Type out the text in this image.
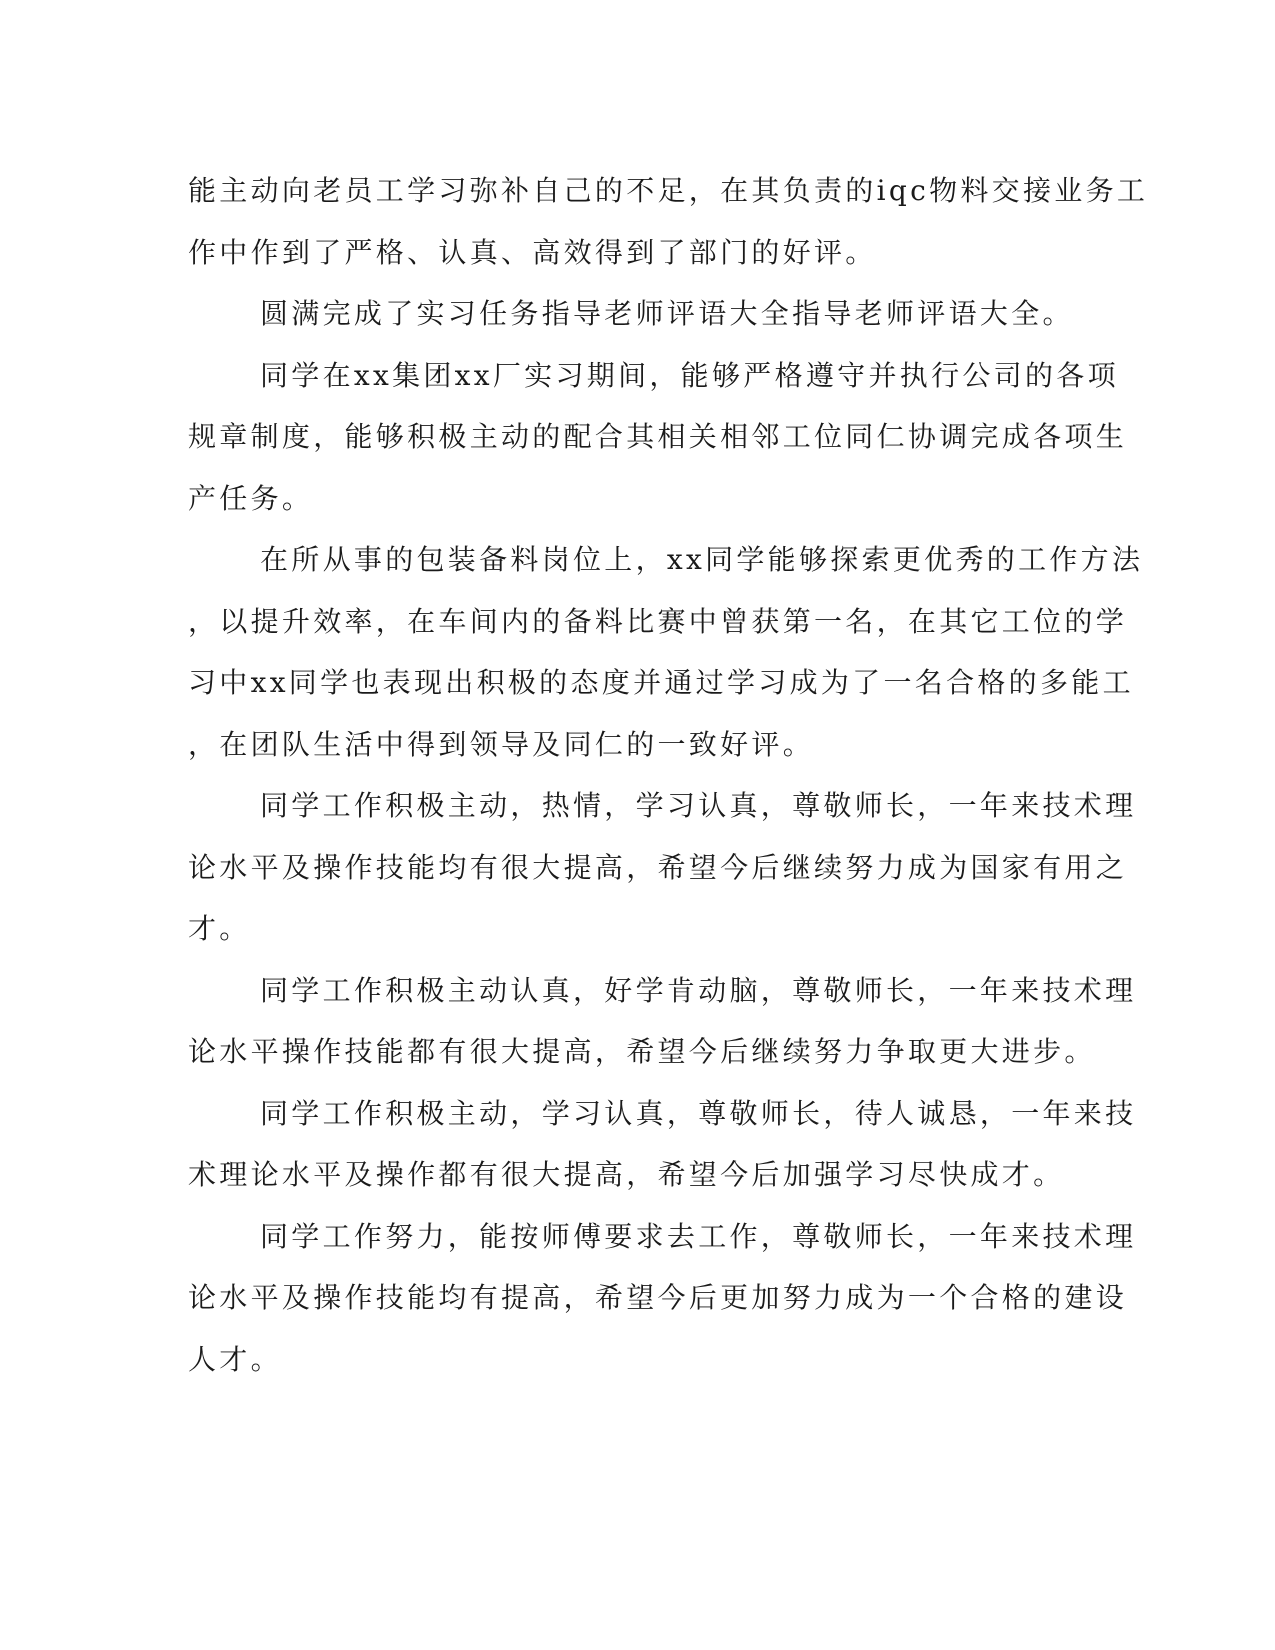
能主动向老员工学习弥补自己的不足，在其负责的iqc物料交接业务工
作中作到了严格、认真、高效得到了部门的好评。

圆满完成了实习任务指导老师评语大全指导老师评语大全。

同学在xx集团xx厂实习期间，能够严格遵守并执行公司的各项
规章制度，能够积极主动的配合其相关相邻工位同仁协调完成各项生
产任务。

在所从事的包装备料岗位上，xx同学能够探索更优秀的工作方法
，以提升效率，在车间内的备料比赛中曾获第一名，在其它工位的学
习中xx同学也表现出积极的态度并通过学习成为了一名合格的多能工
，在团队生活中得到领导及同仁的一致好评。

同学工作积极主动，热情，学习认真，尊敬师长，一年来技术理
论水平及操作技能均有很大提高，希望今后继续努力成为国家有用之
才。

同学工作积极主动认真，好学肯动脑，尊敬师长，一年来技术理
论水平操作技能都有很大提高，希望今后继续努力争取更大进步。

同学工作积极主动，学习认真，尊敬师长，待人诚恳，一年来技
术理论水平及操作都有很大提高，希望今后加强学习尽快成才。

同学工作努力，能按师傅要求去工作，尊敬师长，一年来技术理
论水平及操作技能均有提高，希望今后更加努力成为一个合格的建设
人才。
